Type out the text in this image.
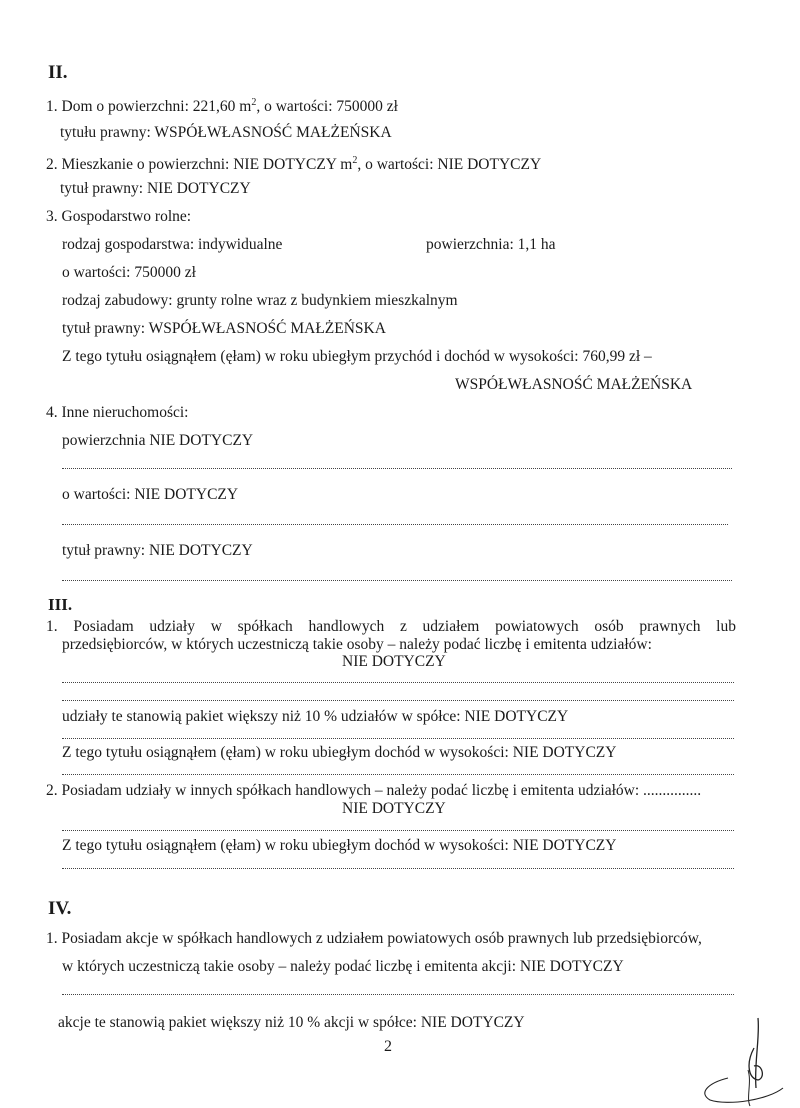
II.
1. Dom o powierzchni: 221,60 $m^2$, o wartości: 750000 zł
tytułu prawny: WSPÓŁWŁASNOŚĆ MAŁŻEŃSKA
2. Mieszkanie o powierzchni: NIE DOTYCZY $m^2$, o wartości: NIE DOTYCZY
tytuł prawny: NIE DOTYCZY
3. Gospodarstwo rolne:
rodzaj gospodarstwa: indywidualne	powierzchnia: 1,1 ha
o wartości: 750000 zł
rodzaj zabudowy: grunty rolne wraz z budynkiem mieszkalnym
tytuł prawny: WSPÓŁWŁASNOŚĆ MAŁŻEŃSKA
Z tego tytułu osiągnąłem (ęłam) w roku ubiegłym przychód i dochód w wysokości: 760,99 zł –
WSPÓŁWŁASNOŚĆ MAŁŻEŃSKA
4. Inne nieruchomości:
powierzchnia NIE DOTYCZY
o wartości: NIE DOTYCZY
tytuł prawny: NIE DOTYCZY
III.
1. Posiadam udziały w spółkach handlowych z udziałem powiatowych osób prawnych lub
przedsiębiorców, w których uczestniczą takie osoby – należy podać liczbę i emitenta udziałów:
NIE DOTYCZY
udziały te stanowią pakiet większy niż 10 % udziałów w spółce: NIE DOTYCZY
Z tego tytułu osiągnąłem (ęłam) w roku ubiegłym dochód w wysokości: NIE DOTYCZY
2. Posiadam udziały w innych spółkach handlowych – należy podać liczbę i emitenta udziałów: ...............
NIE DOTYCZY
Z tego tytułu osiągnąłem (ęłam) w roku ubiegłym dochód w wysokości: NIE DOTYCZY
IV.
1. Posiadam akcje w spółkach handlowych z udziałem powiatowych osób prawnych lub przedsiębiorców,
w których uczestniczą takie osoby – należy podać liczbę i emitenta akcji: NIE DOTYCZY
akcje te stanowią pakiet większy niż 10 % akcji w spółce: NIE DOTYCZY
2
